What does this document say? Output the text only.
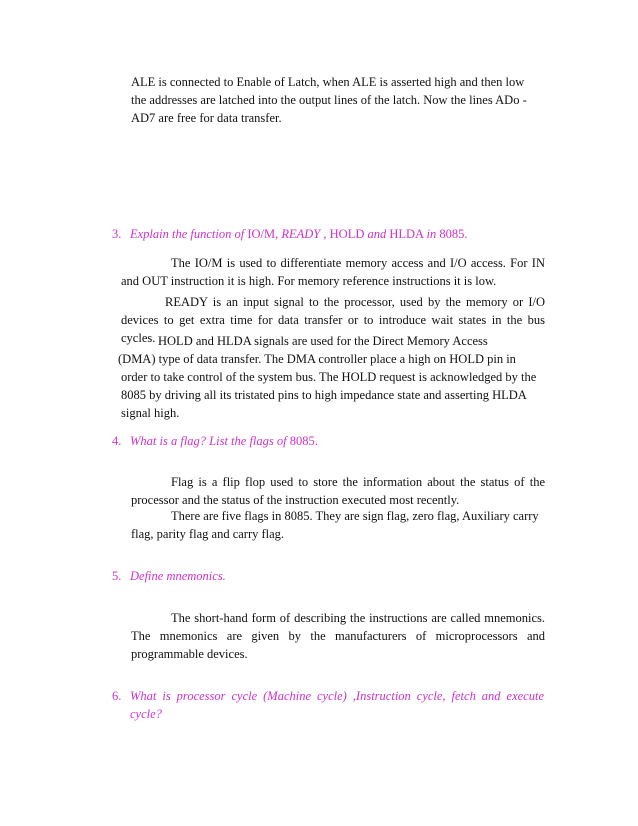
ALE is connected to Enable of Latch, when ALE is asserted high and then low
the addresses are latched into the output lines of the latch. Now the lines ADo -
AD7 are free for data transfer.
3. Explain the function of IO/M, READY , HOLD and HLDA in 8085.
The IO/M is used to differentiate memory access and I/O access. For IN
and OUT instruction it is high. For memory reference instructions it is low.
READY is an input signal to the processor, used by the memory or I/O
devices to get extra time for data transfer or to introduce wait states in the bus
cycles. HOLD and HLDA signals are used for the Direct Memory Access
(DMA) type of data transfer. The DMA controller place a high on HOLD pin in
order to take control of the system bus. The HOLD request is acknowledged by the
8085 by driving all its tristated pins to high impedance state and asserting HLDA
signal high.
4. What is a flag? List the flags of 8085.
Flag is a flip flop used to store the information about the status of the
processor and the status of the instruction executed most recently.
There are five flags in 8085. They are sign flag, zero flag, Auxiliary carry
flag, parity flag and carry flag.
5. Define mnemonics.
The short-hand form of describing the instructions are called mnemonics.
The mnemonics are given by the manufacturers of microprocessors and
programmable devices.
6. What is processor cycle (Machine cycle) ,Instruction cycle, fetch and execute
cycle?
